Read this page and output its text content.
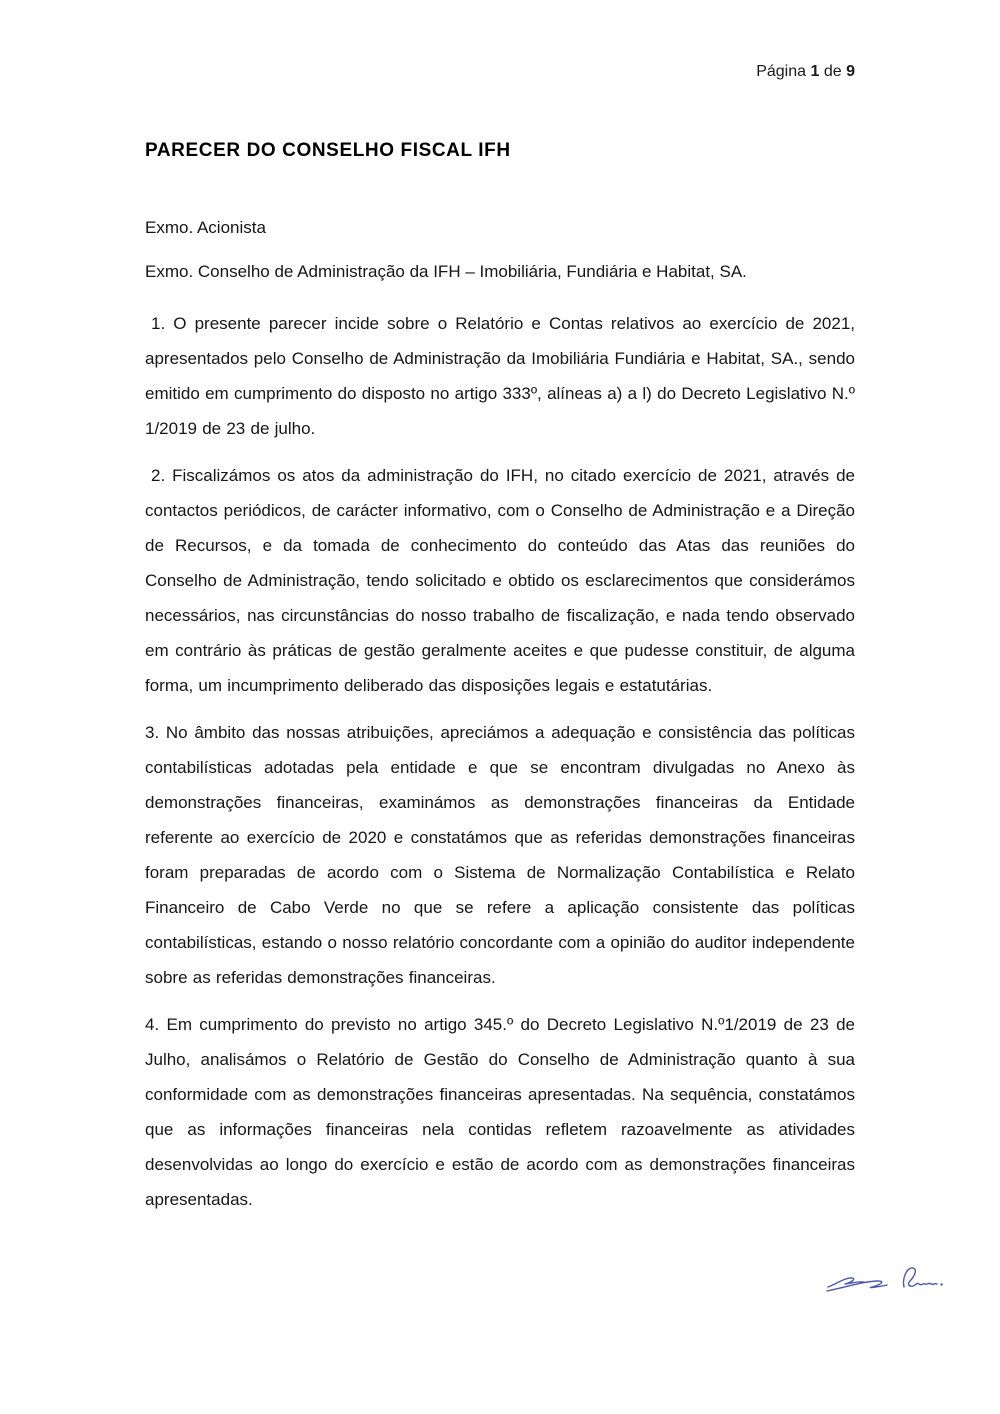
Página 1 de 9
PARECER DO CONSELHO FISCAL IFH

Exmo. Acionista

Exmo. Conselho de Administração da IFH – Imobiliária, Fundiária e Habitat, SA.

1. O presente parecer incide sobre o Relatório e Contas relativos ao exercício de 2021, apresentados pelo Conselho de Administração da Imobiliária Fundiária e Habitat, SA., sendo emitido em cumprimento do disposto no artigo 333º, alíneas a) a l) do Decreto Legislativo N.º 1/2019 de 23 de julho.

2. Fiscalizámos os atos da administração do IFH, no citado exercício de 2021, através de contactos periódicos, de carácter informativo, com o Conselho de Administração e a Direção de Recursos, e da tomada de conhecimento do conteúdo das Atas das reuniões do Conselho de Administração, tendo solicitado e obtido os esclarecimentos que considerámos necessários, nas circunstâncias do nosso trabalho de fiscalização, e nada tendo observado em contrário às práticas de gestão geralmente aceites e que pudesse constituir, de alguma forma, um incumprimento deliberado das disposições legais e estatutárias.

3. No âmbito das nossas atribuições, apreciámos a adequação e consistência das políticas contabilísticas adotadas pela entidade e que se encontram divulgadas no Anexo às demonstrações financeiras, examinámos as demonstrações financeiras da Entidade referente ao exercício de 2020 e constatámos que as referidas demonstrações financeiras foram preparadas de acordo com o Sistema de Normalização Contabilística e Relato Financeiro de Cabo Verde no que se refere a aplicação consistente das políticas contabilísticas, estando o nosso relatório concordante com a opinião do auditor independente sobre as referidas demonstrações financeiras.

4. Em cumprimento do previsto no artigo 345.º do Decreto Legislativo N.º1/2019 de 23 de Julho, analisámos o Relatório de Gestão do Conselho de Administração quanto à sua conformidade com as demonstrações financeiras apresentadas. Na sequência, constatámos que as informações financeiras nela contidas refletem razoavelmente as atividades desenvolvidas ao longo do exercício e estão de acordo com as demonstrações financeiras apresentadas.
